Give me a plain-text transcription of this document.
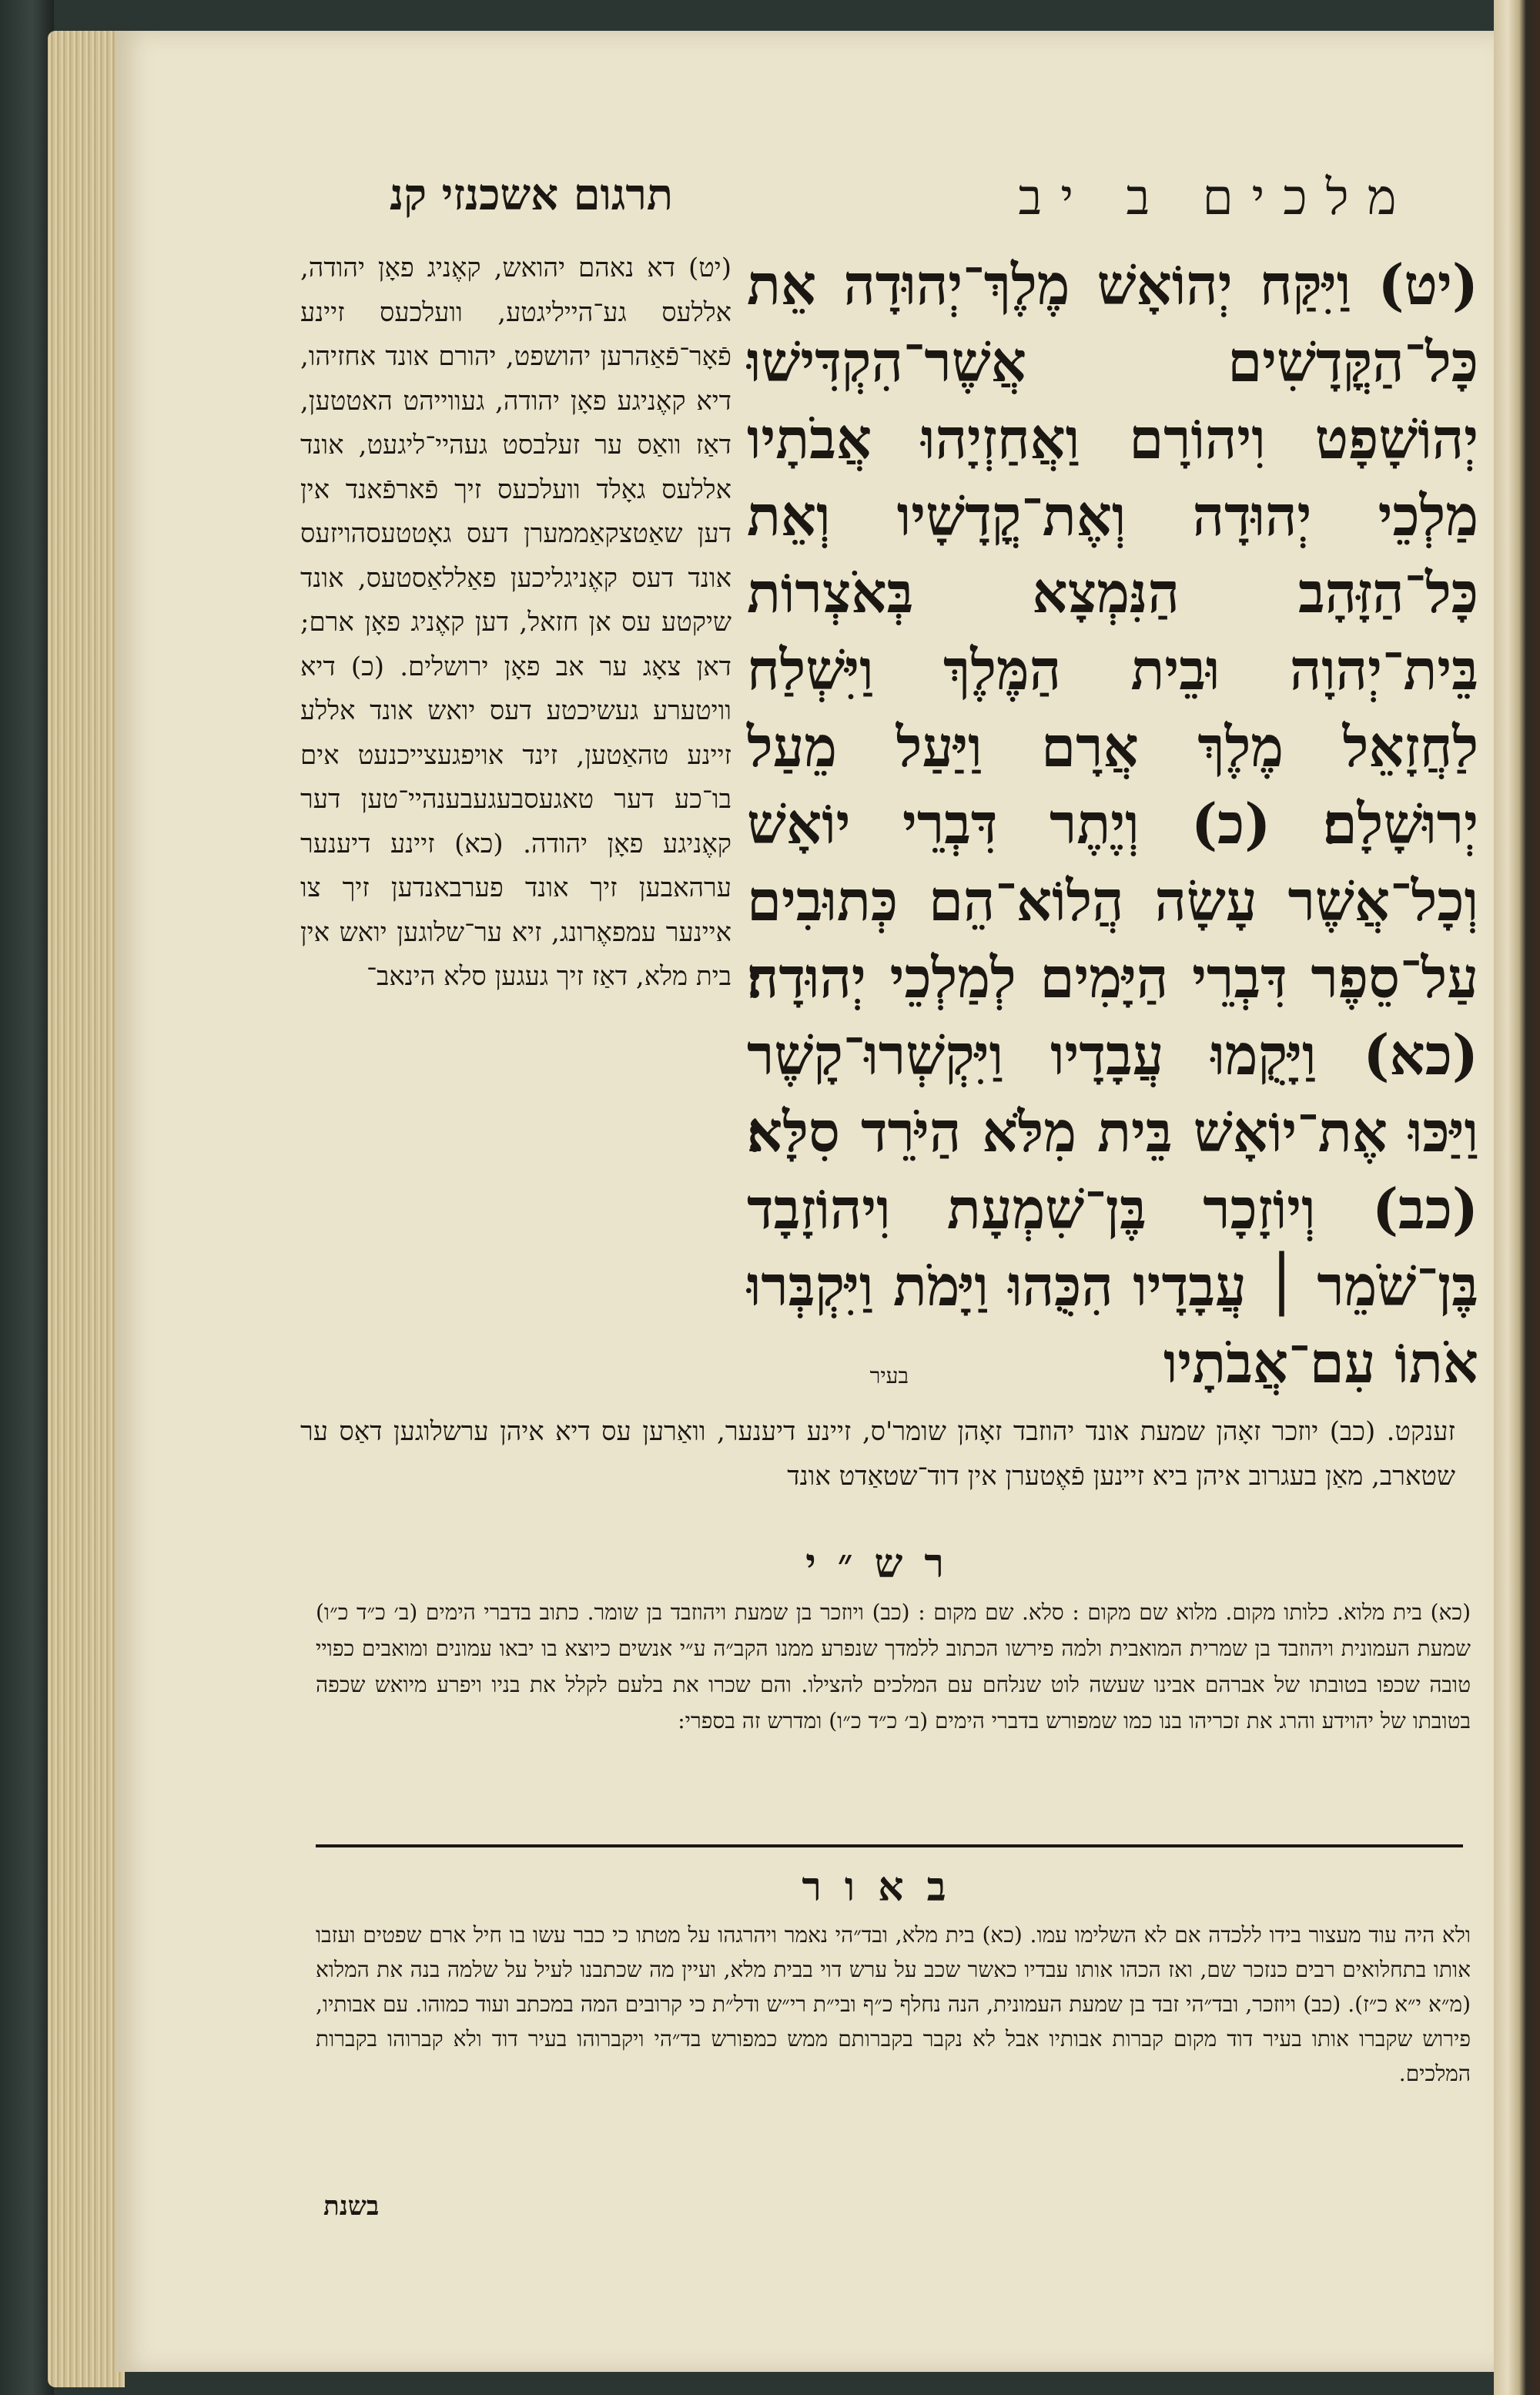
מלכים ב יב
תרגום אשכנזי קנ
(יט) וַיִּקַּח יְהוֹאָשׁ מֶלֶךְ־יְהוּדָה אֵת כָּל־הַקֳּדָשִׁים אֲשֶׁר־הִקְדִּישׁוּ יְהוֹשָׁפָט וִיהוֹרָם וַאֲחַזְיָהוּ אֲבֹתָיו מַלְכֵי יְהוּדָה וְאֶת־קֳדָשָׁיו וְאֵת כָּל־הַזָּהָב הַנִּמְצָא בְּאֹצְרוֹת בֵּית־יְהוָה וּבֵית הַמֶּלֶךְ וַיִּשְׁלַח לַחֲזָאֵל מֶלֶךְ אֲרָם וַיַּעַל מֵעַל יְרוּשָׁלָם׃ (כ) וְיֶתֶר דִּבְרֵי יוֹאָשׁ וְכָל־אֲשֶׁר עָשָׂה הֲלוֹא־הֵם כְּתוּבִים עַל־סֵפֶר דִּבְרֵי הַיָּמִים לְמַלְכֵי יְהוּדָה׃ (כא) וַיָּקֻמוּ עֲבָדָיו וַיִּקְשְׁרוּ־קָשֶׁר וַיַּכּוּ אֶת־יוֹאָשׁ בֵּית מִלֹּא הַיֹּרֵד סִלָּא׃ (כב) וְיוֹזָכָר בֶּן־שִׁמְעָת וִיהוֹזָבָד בֶּן־שֹׁמֵר ׀ עֲבָדָיו הִכֻּהוּ וַיָּמֹת וַיִּקְבְּרוּ אֹתוֹ עִם־אֲבֹתָיו
(יט) דא נאהם יהואש, קאֶניג פאָן יהודה, אללעס גע־הייליגטע, וועלכעס זיינע פֿאָר־פֿאַהרען יהושפט, יהורם אונד אחזיהו, דיא קאֶניגע פאָן יהודה, געווייהט האטטען, דאַז וואַס ער זעלבסט געהיי־ליגעט, אונד אללעס גאָלד וועלכעס זיך פֿארפֿאנד אין דען שאַטצקאַממערן דעס גאָטטעסהויזעס אונד דעס קאֶניגליכען פאַללאַסטעס, אונד שיקטע עס אן חזאל, דען קאֶניג פאָן ארם; דאן צאָג ער אב פאָן ירושלים. (כ) דיא וויטערע געשיכטע דעס יואש אונד אללע זיינע טהאַטען, זינד אויפגעצייכנעט אים בו־כע דער טאגעסבעגעבענהיי־טען דער קאֶניגע פאָן יהודה. (כא) זיינע דיענער ערהאבען זיך אונד פערבאנדען זיך צו איינער עמפאֶרונג, זיא ער־שלוגען יואש אין בית מלא, דאַז זיך געגען סלא הינאב־
בעיר
זענקט. (כב) יוזכר זאָהן שמעת אונד יהוזבד זאָהן שומר'ס, זיינע דיענער, וואַרען עס דיא איהן ערשלוגען דאַס ער שטארב, מאַן בעגרוב איהן ביא זיינען פֿאֶטערן אין דוד־שטאַדט אונד
רש״י
(כא) בית מלוא. כלותו מקום. מלוא שם מקום : סלא. שם מקום : (כב) ויוזכר בן שמעת ויהוזבד בן שומר. כתוב בדברי הימים (ב׳ כ״ד כ״ו) שמעת העמונית ויהוזבד בן שמרית המואבית ולמה פירשו הכתוב ללמדך שנפרע ממנו הקב״ה ע״י אנשים כיוצא בו יבאו עמונים ומואבים כפויי טובה שכפו בטובתו של אברהם אבינו שעשה לוט שנלחם עם המלכים להצילו. והם שכרו את בלעם לקלל את בניו ויפרע מיואש שכפה בטובתו של יהוידע והרג את זכריהו בנו כמו שמפורש בדברי הימים (ב׳ כ״ד כ״ו) ומדרש זה בספרי:
באור
ולא היה עוד מעצור בידו ללכדה אם לא השלימו עמו. (כא) בית מלא, ובד״הי נאמר ויהרגהו על מטתו כי כבר עשו בו חיל ארם שפטים ועזבו אותו בתחלואים רבים כנזכר שם, ואז הכהו אותו עבדיו כאשר שכב על ערש דוי בבית מלא, ועיין מה שכתבנו לעיל על שלמה בנה את המלוא (מ״א י״א כ״ז). (כב) ויוזכר, ובד״הי זבד בן שמעת העמונית, הנה נחלף כ״ף ובי״ת רי״ש ודל״ת כי קרובים המה במכתב ועוד כמוהו. עם אבותיו, פירוש שקברו אותו בעיר דוד מקום קברות אבותיו אבל לא נקבר בקברותם ממש כמפורש בד״הי ויקברוהו בעיר דוד ולא קברוהו בקברות המלכים.
בשנת
